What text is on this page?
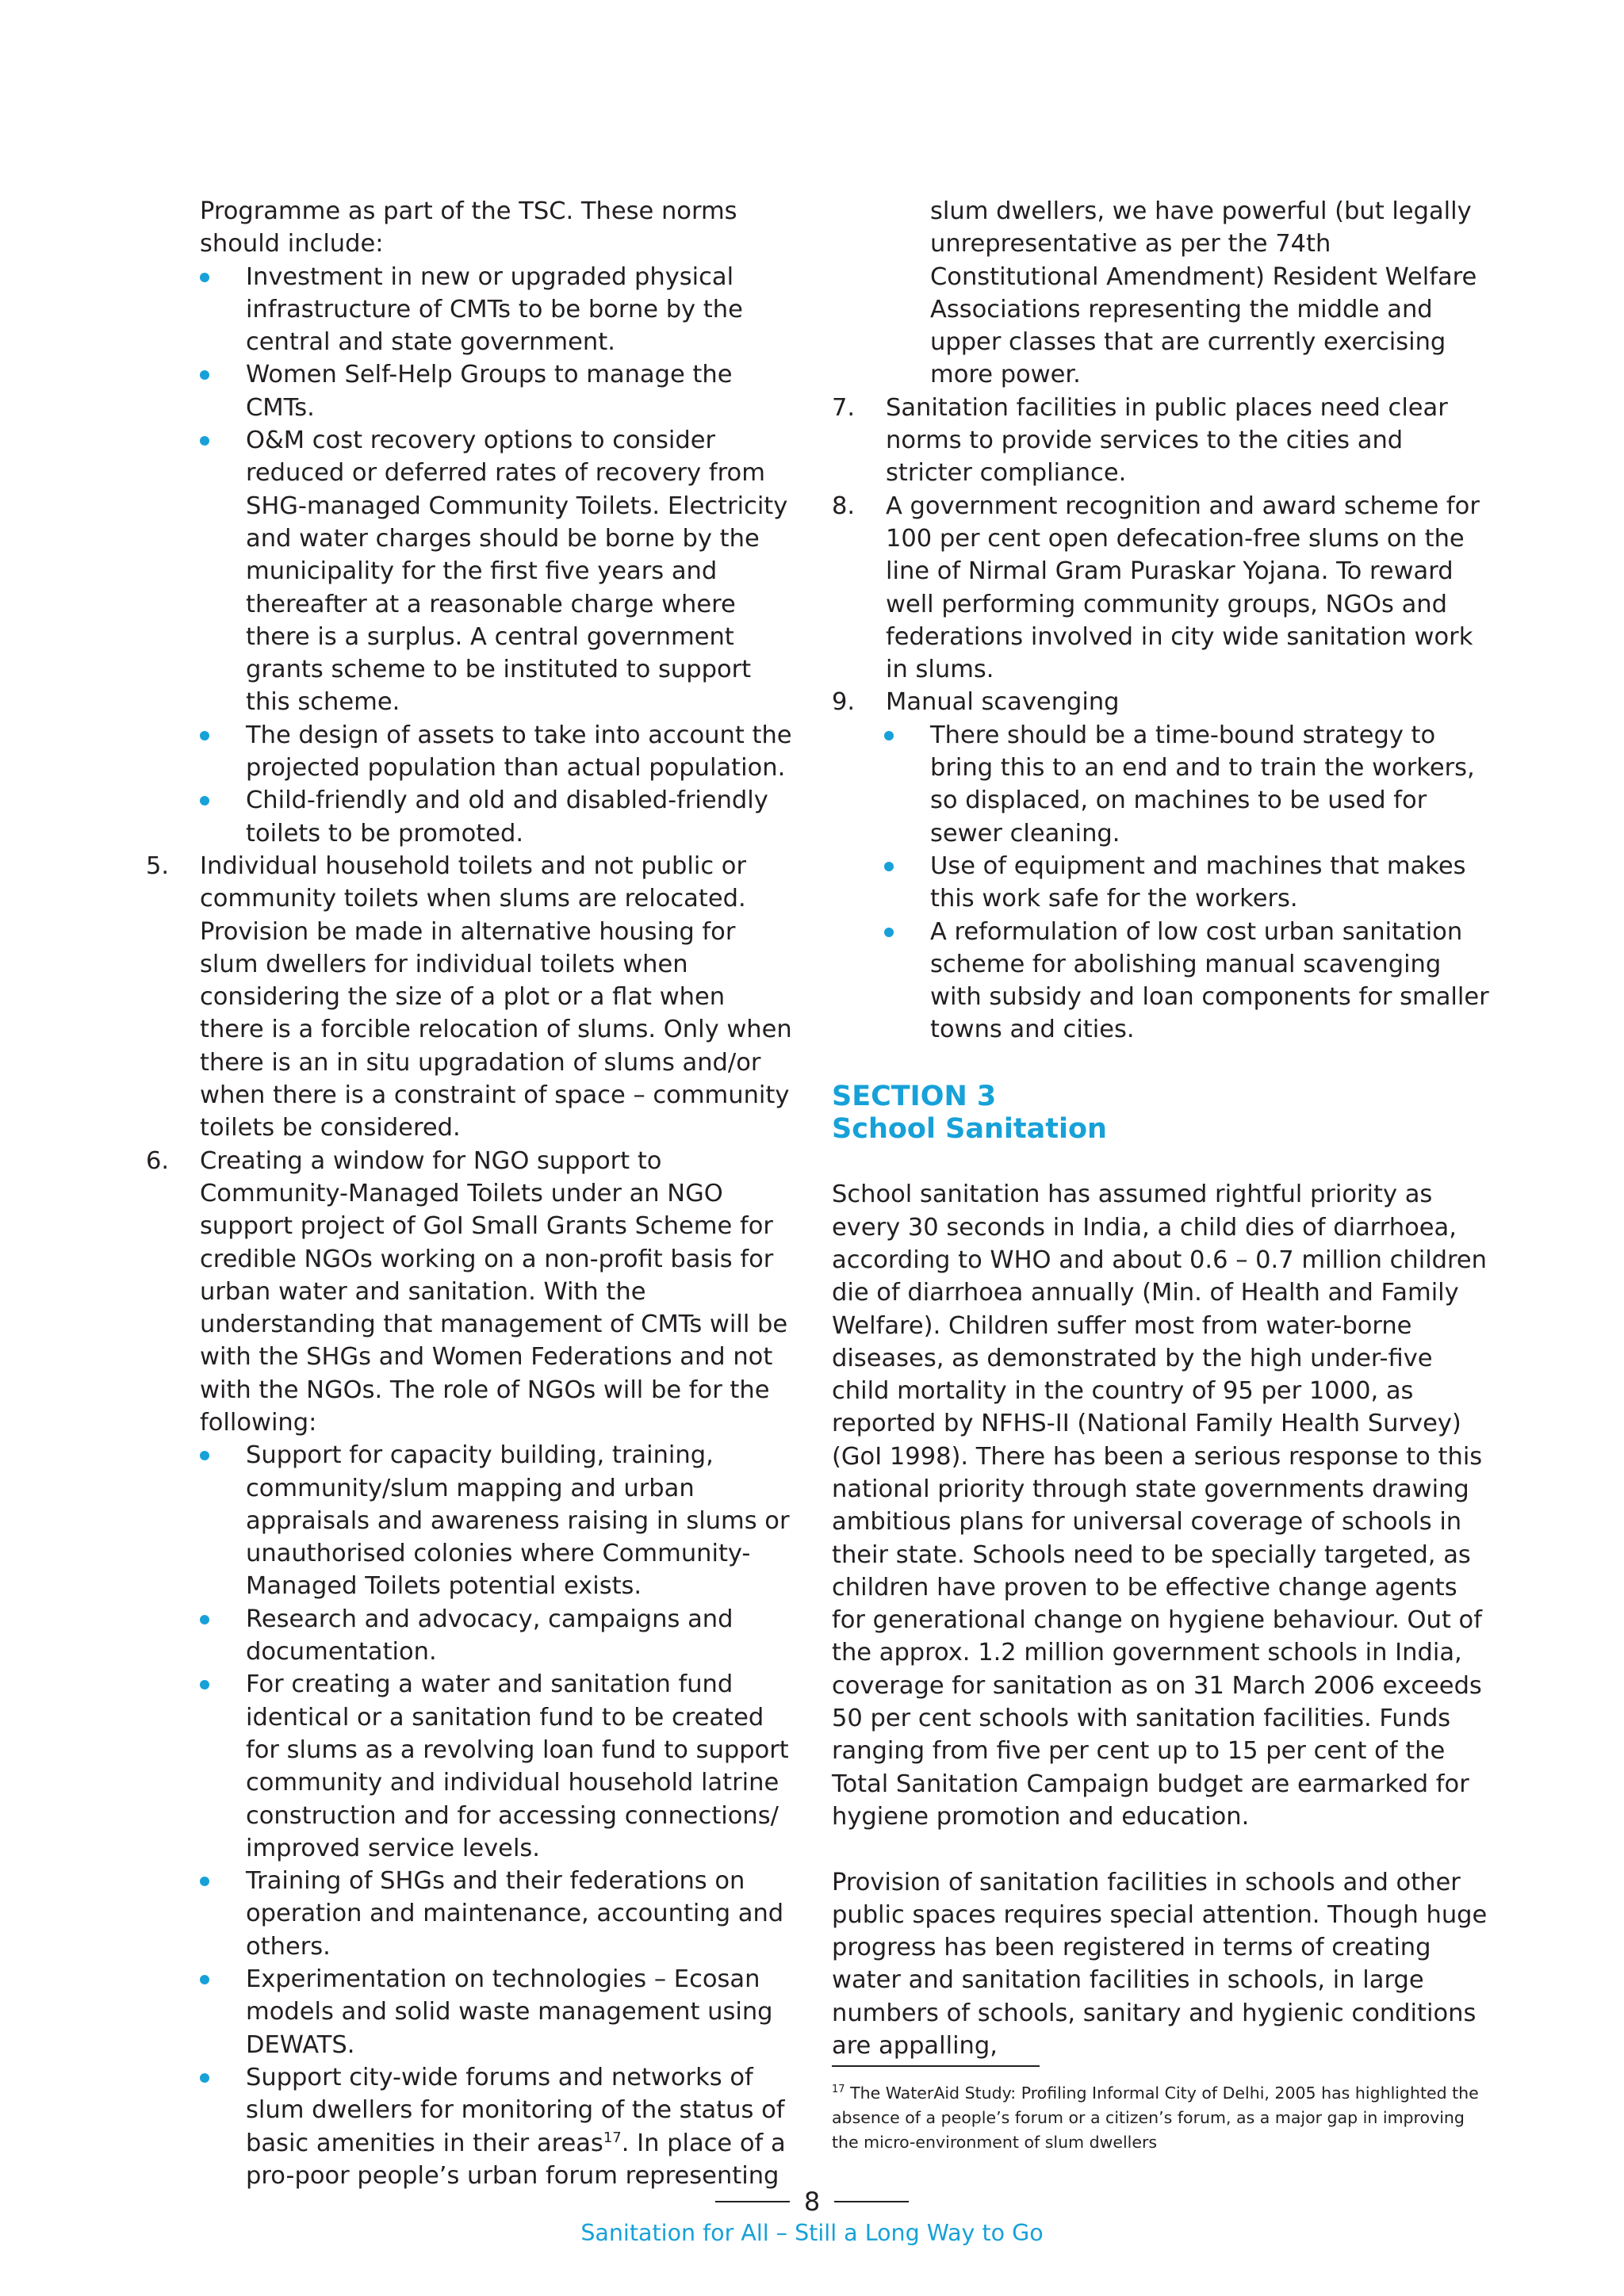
Programme as part of the TSC. These norms should include:

Investment in new or upgraded physical infrastructure of CMTs to be borne by the central and state government.

Women Self-Help Groups to manage the CMTs.

O&M cost recovery options to consider reduced or deferred rates of recovery from SHG-managed Community Toilets. Electricity and water charges should be borne by the municipality for the first five years and thereafter at a reasonable charge where there is a surplus. A central government grants scheme to be instituted to support this scheme.

The design of assets to take into account the projected population than actual population.

Child-friendly and old and disabled-friendly toilets to be promoted.

5. Individual household toilets and not public or community toilets when slums are relocated. Provision be made in alternative housing for slum dwellers for individual toilets when considering the size of a plot or a flat when there is a forcible relocation of slums. Only when there is an in situ upgradation of slums and/or when there is a constraint of space – community toilets be considered.

6. Creating a window for NGO support to Community-Managed Toilets under an NGO support project of GoI Small Grants Scheme for credible NGOs working on a non-profit basis for urban water and sanitation. With the understanding that management of CMTs will be with the SHGs and Women Federations and not with the NGOs. The role of NGOs will be for the following:

Support for capacity building, training, community/slum mapping and urban appraisals and awareness raising in slums or unauthorised colonies where Community-Managed Toilets potential exists.

Research and advocacy, campaigns and documentation.

For creating a water and sanitation fund identical or a sanitation fund to be created for slums as a revolving loan fund to support community and individual household latrine construction and for accessing connections/ improved service levels.

Training of SHGs and their federations on operation and maintenance, accounting and others.

Experimentation on technologies – Ecosan models and solid waste management using DEWATS.

Support city-wide forums and networks of slum dwellers for monitoring of the status of basic amenities in their areas$^{17}$. In place of a pro-poor people’s urban forum representing

slum dwellers, we have powerful (but legally unrepresentative as per the 74th Constitutional Amendment) Resident Welfare Associations representing the middle and upper classes that are currently exercising more power.

7. Sanitation facilities in public places need clear norms to provide services to the cities and stricter compliance.

8. A government recognition and award scheme for 100 per cent open defecation-free slums on the line of Nirmal Gram Puraskar Yojana. To reward well performing community groups, NGOs and federations involved in city wide sanitation work in slums.

9. Manual scavenging

There should be a time-bound strategy to bring this to an end and to train the workers, so displaced, on machines to be used for sewer cleaning.

Use of equipment and machines that makes this work safe for the workers.

A reformulation of low cost urban sanitation scheme for abolishing manual scavenging with subsidy and loan components for smaller towns and cities.

SECTION 3
School Sanitation

School sanitation has assumed rightful priority as every 30 seconds in India, a child dies of diarrhoea, according to WHO and about 0.6 – 0.7 million children die of diarrhoea annually (Min. of Health and Family Welfare). Children suffer most from water-borne diseases, as demonstrated by the high under-five child mortality in the country of 95 per 1000, as reported by NFHS-II (National Family Health Survey) (GoI 1998). There has been a serious response to this national priority through state governments drawing ambitious plans for universal coverage of schools in their state. Schools need to be specially targeted, as children have proven to be effective change agents for generational change on hygiene behaviour. Out of the approx. 1.2 million government schools in India, coverage for sanitation as on 31 March 2006 exceeds 50 per cent schools with sanitation facilities. Funds ranging from five per cent up to 15 per cent of the Total Sanitation Campaign budget are earmarked for hygiene promotion and education.

Provision of sanitation facilities in schools and other public spaces requires special attention. Though huge progress has been registered in terms of creating water and sanitation facilities in schools, in large numbers of schools, sanitary and hygienic conditions are appalling,

$^{17}$ The WaterAid Study: Profiling Informal City of Delhi, 2005 has highlighted the absence of a people’s forum or a citizen’s forum, as a major gap in improving the micro-environment of slum dwellers
8
Sanitation for All – Still a Long Way to Go
